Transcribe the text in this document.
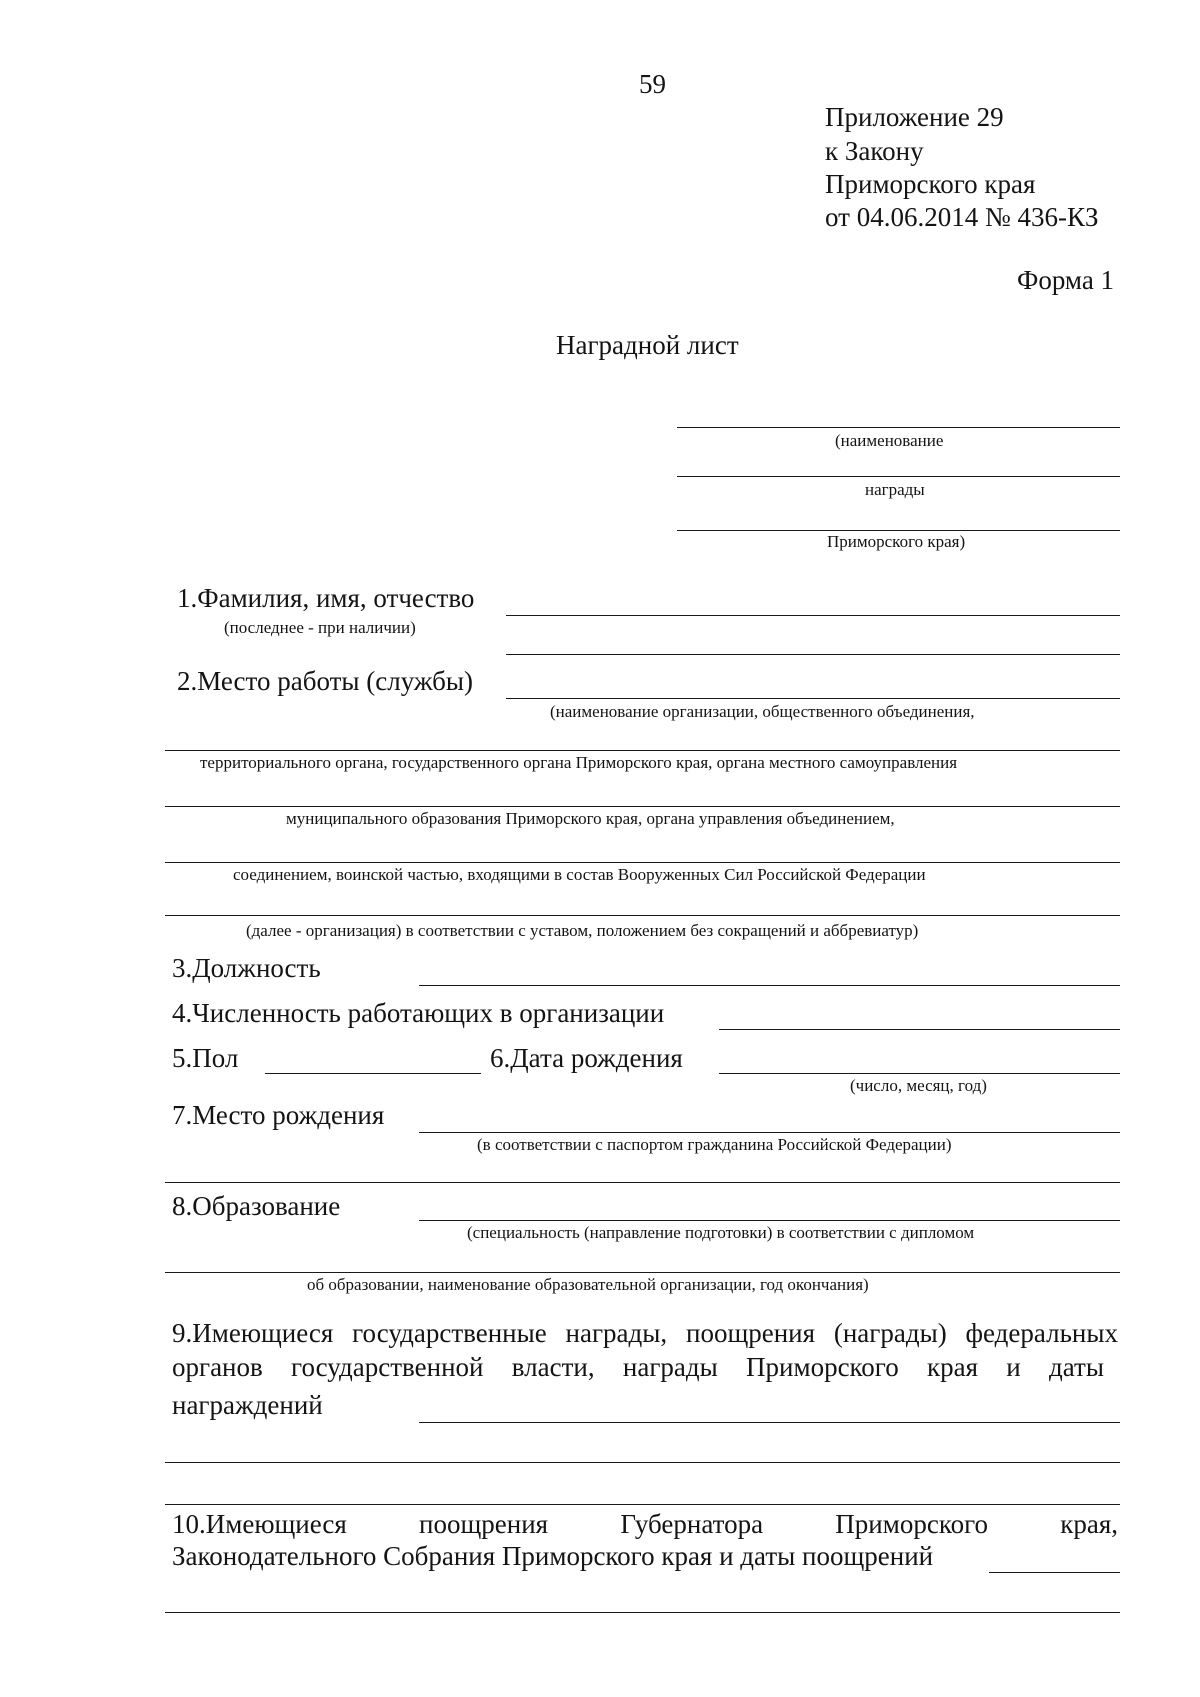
59
Приложение 29
к Закону
Приморского края
от 04.06.2014 № 436-КЗ
Форма 1
Наградной лист
(наименование
награды
Приморского края)
1.Фамилия, имя, отчество
(последнее - при наличии)
2.Место работы (службы)
(наименование организации, общественного объединения,
территориального органа, государственного органа Приморского края, органа местного самоуправления
муниципального образования Приморского края, органа управления объединением,
соединением, воинской частью, входящими в состав Вооруженных Сил Российской Федерации
(далее - организация) в соответствии с уставом, положением без сокращений и аббревиатур)
3.Должность
4.Численность работающих в организации
5.Пол	6.Дата рождения
(число, месяц, год)
7.Место рождения
(в соответствии с паспортом гражданина Российской Федерации)
8.Образование
(специальность (направление подготовки) в соответствии с дипломом
об образовании, наименование образовательной организации, год окончания)
9.Имеющиеся государственные награды, поощрения (награды) федеральных
органов государственной власти, награды Приморского края и даты
награждений
10.Имеющиеся поощрения Губернатора Приморского края,
Законодательного Собрания Приморского края и даты поощрений
